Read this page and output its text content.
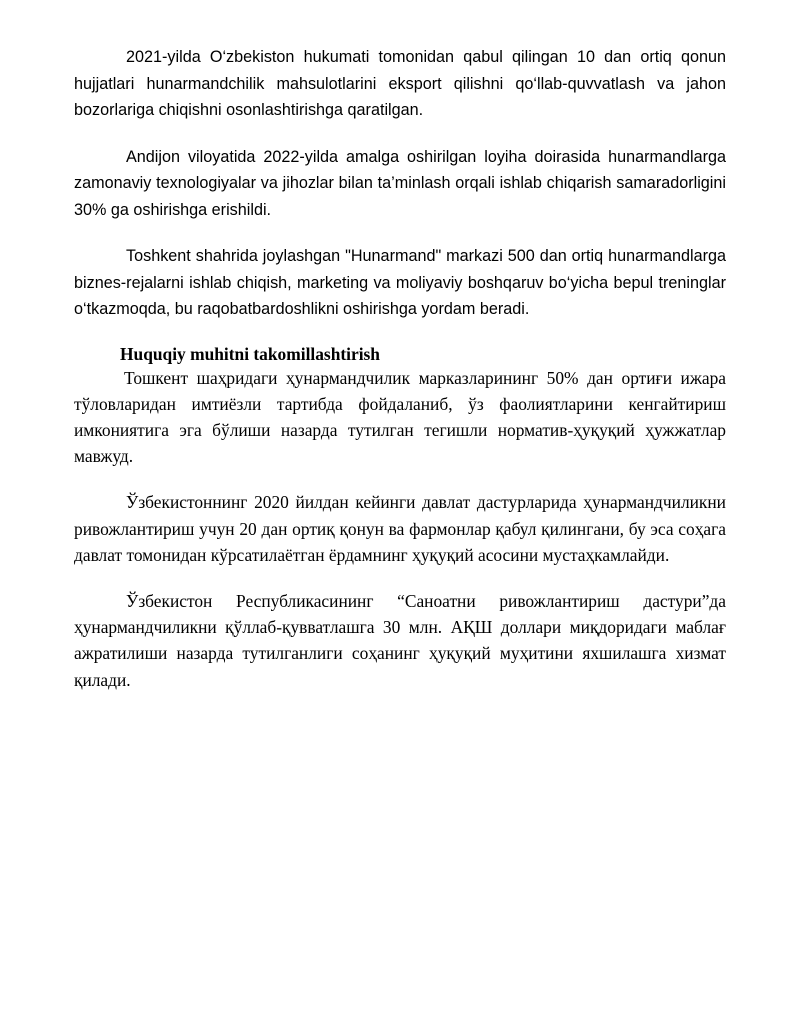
2021-yilda O‘zbekiston hukumati tomonidan qabul qilingan 10 dan ortiq qonun hujjatlari hunarmandchilik mahsulotlarini eksport qilishni qo‘llab-quvvatlash va jahon bozorlariga chiqishni osonlashtirishga qaratilgan.

Andijon viloyatida 2022-yilda amalga oshirilgan loyiha doirasida hunarmandlarga zamonaviy texnologiyalar va jihozlar bilan ta’minlash orqali ishlab chiqarish samaradorligini 30% ga oshirishga erishildi.

Toshkent shahrida joylashgan "Hunarmand" markazi 500 dan ortiq hunarmandlarga biznes-rejalarni ishlab chiqish, marketing va moliyaviy boshqaruv bo‘yicha bepul treninglar o‘tkazmoqda, bu raqobatbardoshlikni oshirishga yordam beradi.

Huquqiy muhitni takomillashtirish

Тошкент шаҳридаги ҳунармандчилик марказларининг 50% дан ортиғи ижара тўловларидан имтиёзли тартибда фойдаланиб, ўз фаолиятларини кенгайтириш имкониятига эга бўлиши назарда тутилган тегишли норматив-ҳуқуқий ҳужжатлар мавжуд.

Ўзбекистоннинг 2020 йилдан кейинги давлат дастурларида ҳунармандчиликни ривожлантириш учун 20 дан ортиқ қонун ва фармонлар қабул қилингани, бу эса соҳага давлат томонидан кўрсатилаётган ёрдамнинг ҳуқуқий асосини мустаҳкамлайди.

Ўзбекистон Республикасининг “Саноатни ривожлантириш дастури”да ҳунармандчиликни қўллаб-қувватлашга 30 млн. АҚШ доллари миқдоридаги маблағ ажратилиши назарда тутилганлиги соҳанинг ҳуқуқий муҳитини яхшилашга хизмат қилади.
